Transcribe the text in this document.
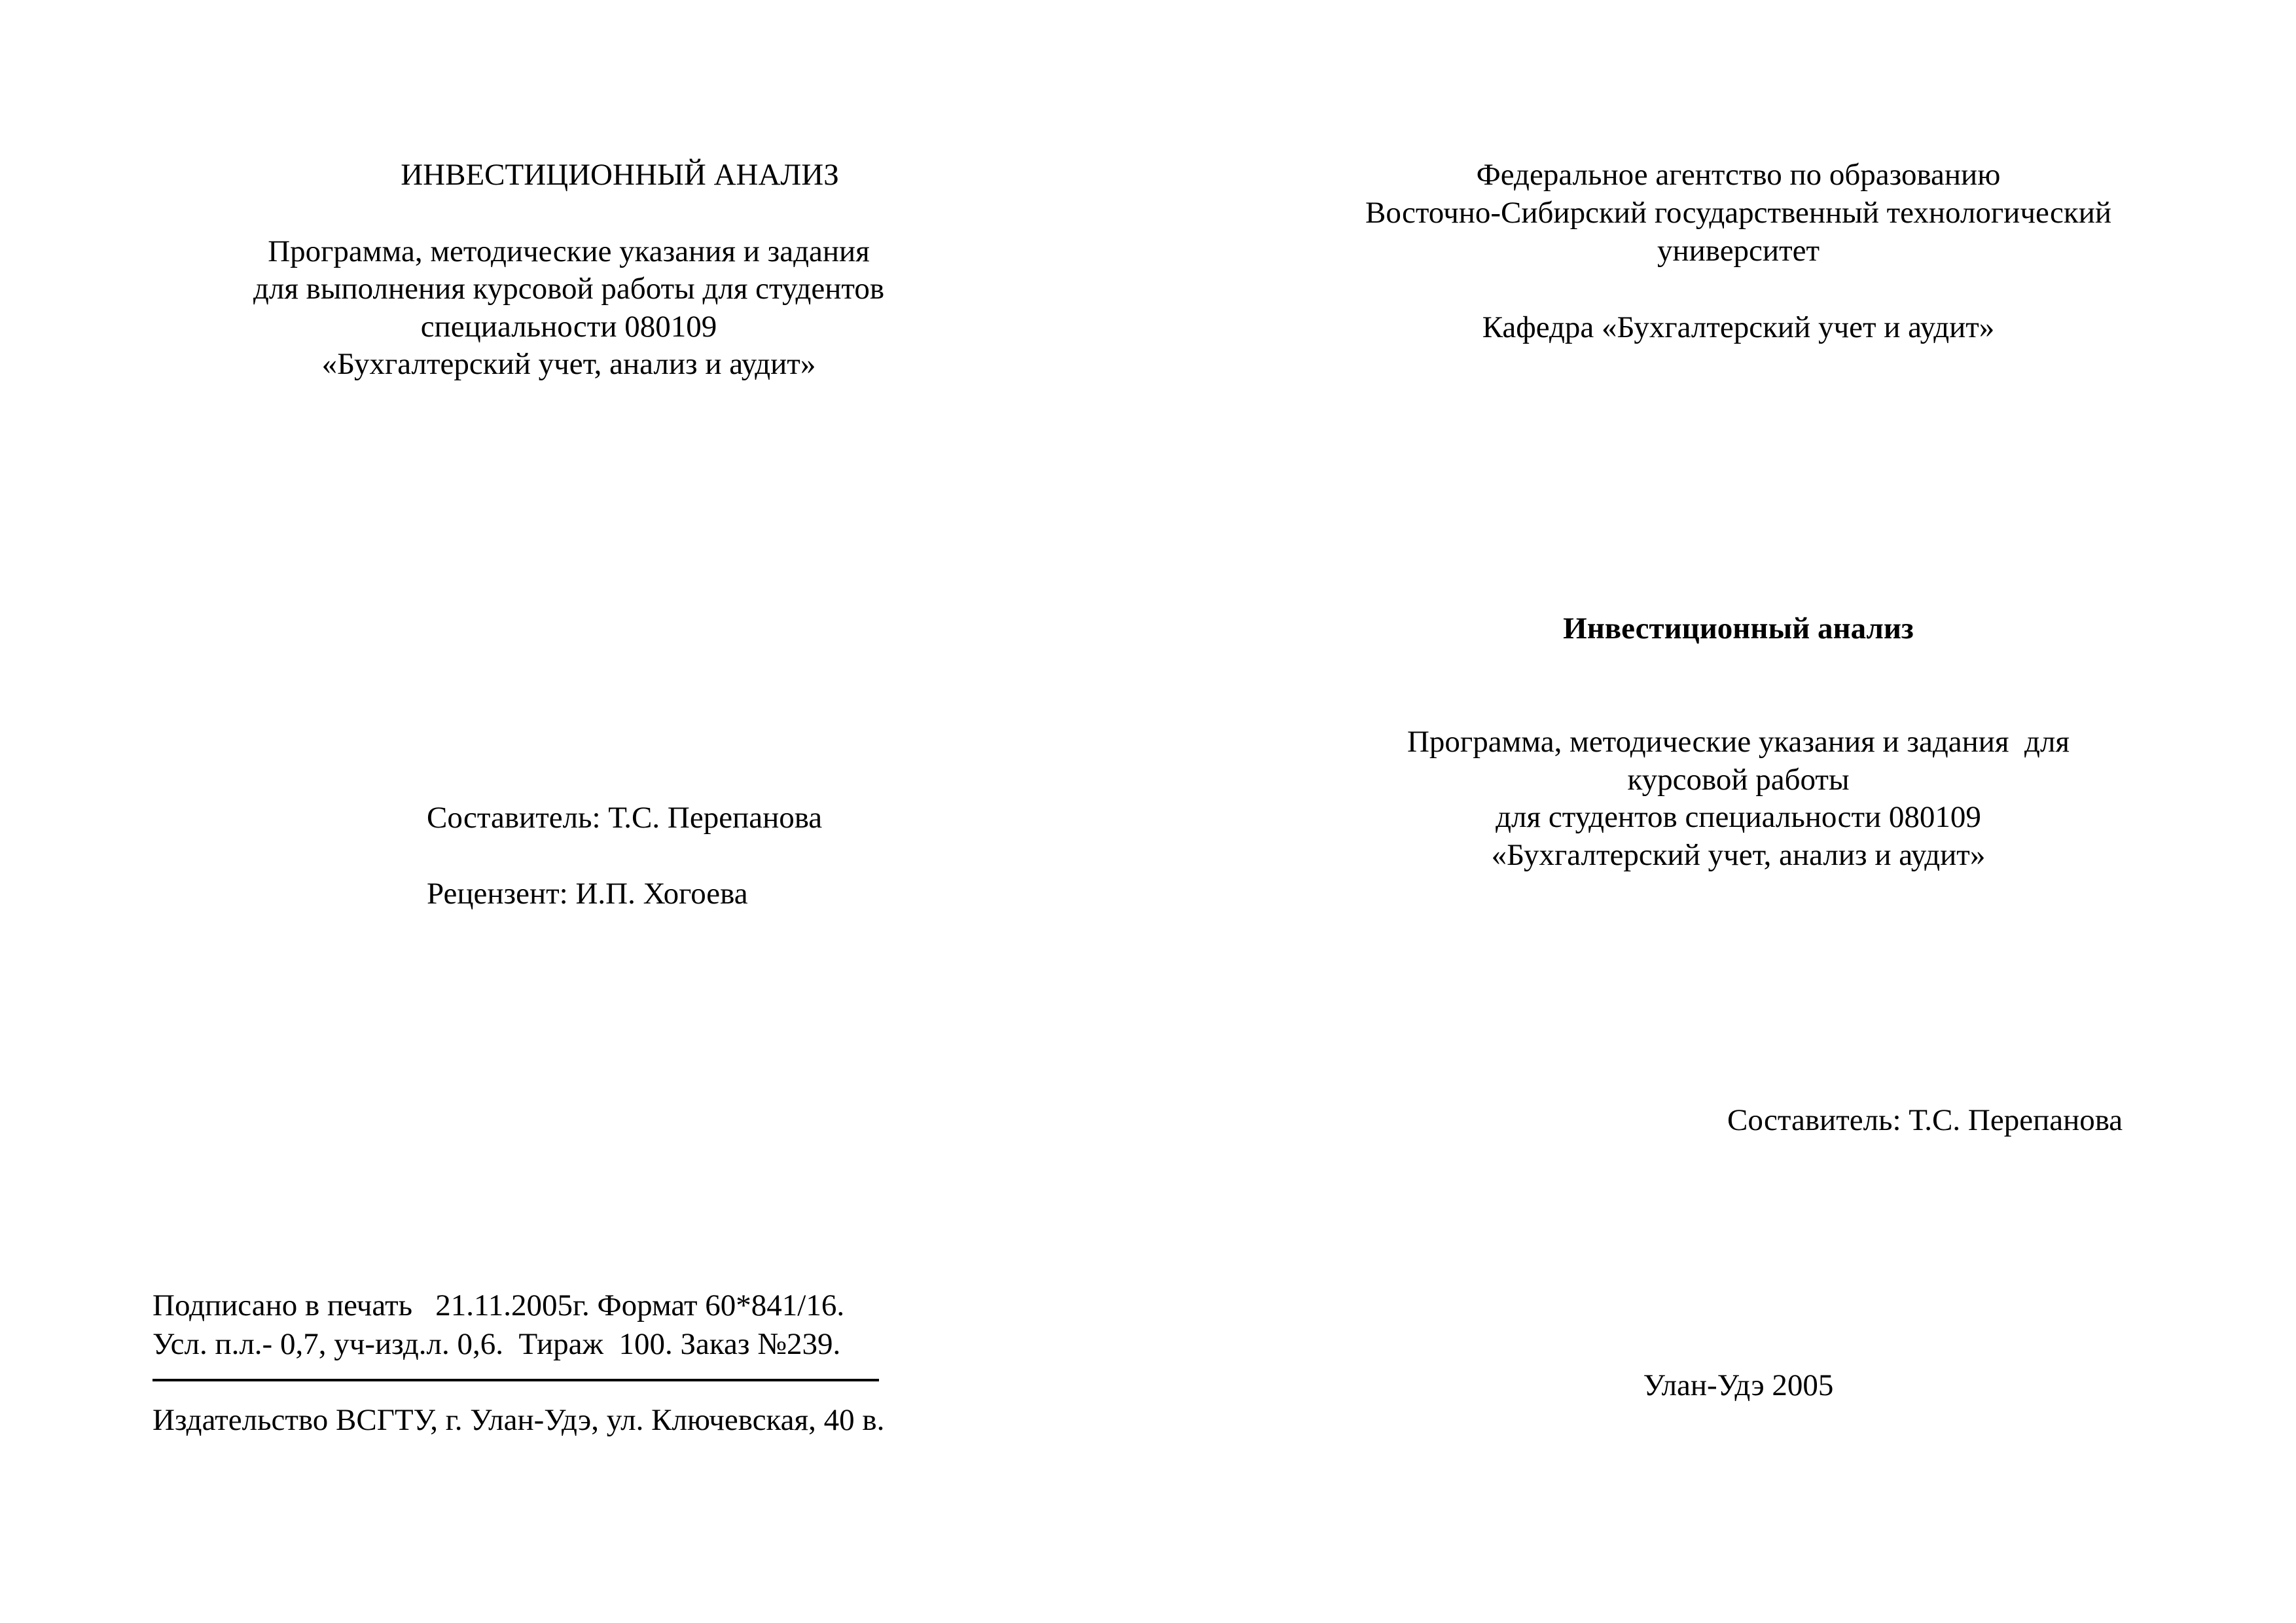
ИНВЕСТИЦИОННЫЙ АНАЛИЗ

Программа, методические указания и задания

для выполнения курсовой работы для студентов

специальности 080109

«Бухгалтерский учет, анализ и аудит»

Составитель: Т.С. Перепанова

Рецензент: И.П. Хогоева

Подписано в печать   21.11.2005г. Формат 60*841/16.

Усл. п.л.- 0,7, уч-изд.л. 0,6.  Тираж  100. Заказ №239.

Издательство ВСГТУ, г. Улан-Удэ, ул. Ключевская, 40 в.

Федеральное агентство по образованию

Восточно-Сибирский государственный технологический

университет

Кафедра «Бухгалтерский учет и аудит»

Инвестиционный анализ

Программа, методические указания и задания  для

курсовой работы

для студентов специальности 080109

«Бухгалтерский учет, анализ и аудит»

Составитель: Т.С. Перепанова

Улан-Удэ 2005
